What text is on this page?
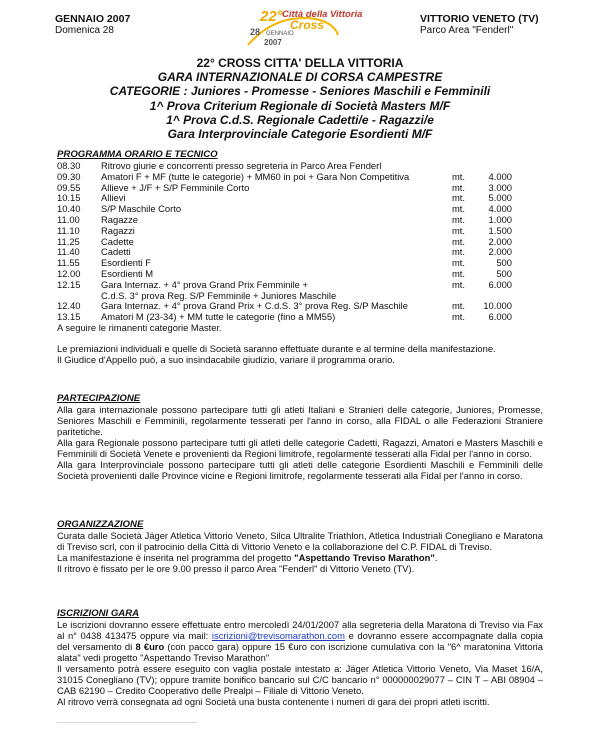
GENNAIO 2007
Domenica 28
22° Città della Vittoria
Cross
28 GENNAIO
2007
VITTORIO VENETO (TV)
Parco Area "Fenderl"
22° CROSS CITTA' DELLA VITTORIA
GARA INTERNAZIONALE DI CORSA CAMPESTRE
CATEGORIE : Juniores - Promesse - Seniores Maschili e Femminili
1^ Prova Criterium Regionale di Società Masters M/F
1^ Prova C.d.S. Regionale Cadetti/e - Ragazzi/e
Gara Interprovinciale Categorie Esordienti M/F
PROGRAMMA ORARIO E TECNICO
08.30 Ritrovo giurie e concorrenti presso segreteria in Parco Area Fenderl
09.30 Amatori F + MF (tutte le categorie) + MM60 in poi + Gara Non Competitiva	mt.	4.000
09.55 Allieve + J/F + S/P Femminile Corto	mt.	3.000
10.15 Allievi	mt.	5.000
10.40 S/P Maschile Corto	mt.	4.000
11.00 Ragazze	mt.	1.000
11.10 Ragazzi	mt.	1.500
11.25 Cadette	mt.	2.000
11.40 Cadetti	mt.	2.000
11.55 Esordienti F	mt.	500
12.00 Esordienti M	mt.	500
12.15 Gara Internaz. + 4° prova Grand Prix Femminile +	mt.	6.000
C.d.S. 3° prova Reg. S/P Femminile + Juniores Maschile
12.40 Gara Internaz. + 4° prova Grand Prix + C.d.S. 3° prova Reg. S/P Maschile	mt.	10.000
13.15 Amatori M (23-34) + MM tutte le categorie (fino a MM55)	mt.	6.000
A seguire le rimanenti categorie Master.
Le premiazioni individuali e quelle di Società saranno effettuate durante e al termine della manifestazione.
Il Giudice d'Appello può, a suo insindacabile giudizio, variare il programma orario.
PARTECIPAZIONE

Alla gara internazionale possono partecipare tutti gli atleti Italiani e Stranieri delle categorie, Juniores, Promesse, Seniores Maschili e Femminili, regolarmente tesserati per l'anno in corso, alla FIDAL o alle Federazioni Straniere paritetiche.

Alla gara Regionale possono partecipare tutti gli atleti delle categorie Cadetti, Ragazzi, Amatori e Masters Maschili e Femminili di Società Venete e provenienti da Regioni limitrofe, regolarmente tesserati alla Fidal per l'anno in corso.

Alla gara Interprovinciale possono partecipare tutti gli atleti delle categorie Esordienti Maschili e Femminili delle Società provenienti dalle Province vicine e Regioni limitrofe, regolarmente tesserati alla Fidal per l'anno in corso.

ORGANIZZAZIONE

Curata dalle Società Jäger Atletica Vittorio Veneto, Silca Ultralite Triathlon, Atletica Industriali Conegliano e Maratona di Treviso scrl, con il patrocinio della Città di Vittorio Veneto e la collaborazione del C.P. FIDAL di Treviso.

La manifestazione è inserita nel programma del progetto "Aspettando Treviso Marathon".

Il ritrovo è fissato per le ore 9.00 presso il parco Area "Fenderl" di Vittorio Veneto (TV).

ISCRIZIONI GARA

Le iscrizioni dovranno essere effettuate entro mercoledì 24/01/2007 alla segreteria della Maratona di Treviso via Fax al n° 0438 413475 oppure via mail: iscrizioni@trevisomarathon.com e dovranno essere accompagnate dalla copia del versamento di 8 €uro (con pacco gara) oppure 15 €uro con iscrizione cumulativa con la "6^ maratonina Vittoria alata" vedi progetto "Aspettando Treviso Marathon"

Il versamento potrà essere eseguito con vaglia postale intestato a: Jäger Atletica Vittorio Veneto, Via Maset 16/A, 31015 Conegliano (TV); oppure tramite bonifico bancario sul C/C bancario n° 000000029077 – CIN T – ABI 08904 – CAB 62190 – Credito Cooperativo delle Prealpi – Filiale di Vittorio Veneto.

Al ritrovo verrà consegnata ad ogni Società una busta contenente i numeri di gara dei propri atleti iscritti.
